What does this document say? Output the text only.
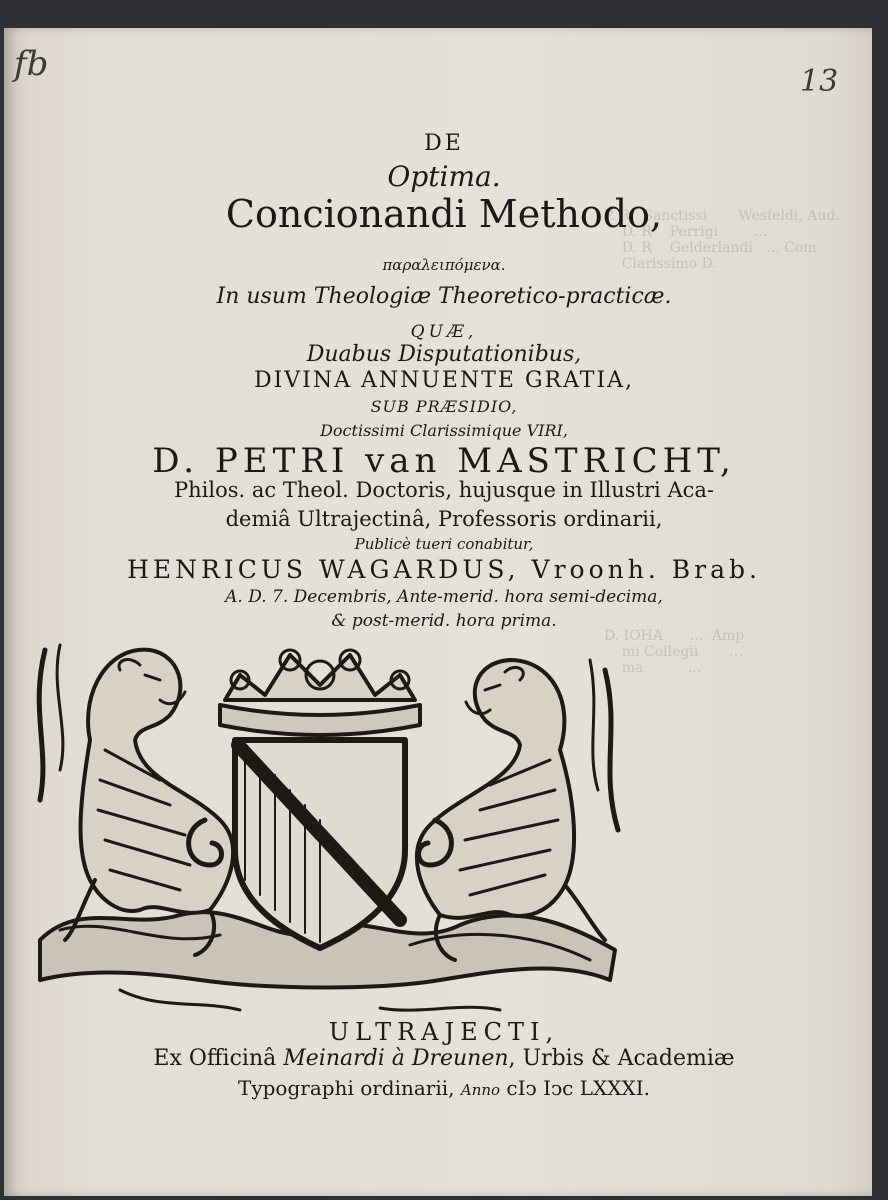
P. R   Sanctissi       Wesfeldi, Aud.
D. R    Perrigi        ...
D. R    Gelderlandi   ... Com
Clarissimo D.
D. IOHA      ...  Amp
mi Collegii       ...
ma          ...
fb	13
DE
Optima.
Concionandi Methodo,
παραλειπόμενα.
In usum Theologiæ Theoretico-practicæ.
QUÆ,
Duabus Disputationibus,
DIVINA ANNUENTE GRATIA,
SUB PRÆSIDIO,
Doctissimi Clarissimique VIRI,
D. PETRI van MASTRICHT,
Philos. ac Theol. Doctoris, hujusque in Illustri Aca-
demiâ Ultrajectinâ, Professoris ordinarii,
Publicè tueri conabitur,
HENRICUS WAGARDUS, Vroonh. Brab.
A. D. 7. Decembris, Ante-merid. hora semi-decima,
& post-merid. hora prima.
ULTRAJECTI,
Ex Officinâ Meinardi à Dreunen, Urbis & Academiæ
Typographi ordinarii, Anno cIↄ Iↄc LXXXI.
